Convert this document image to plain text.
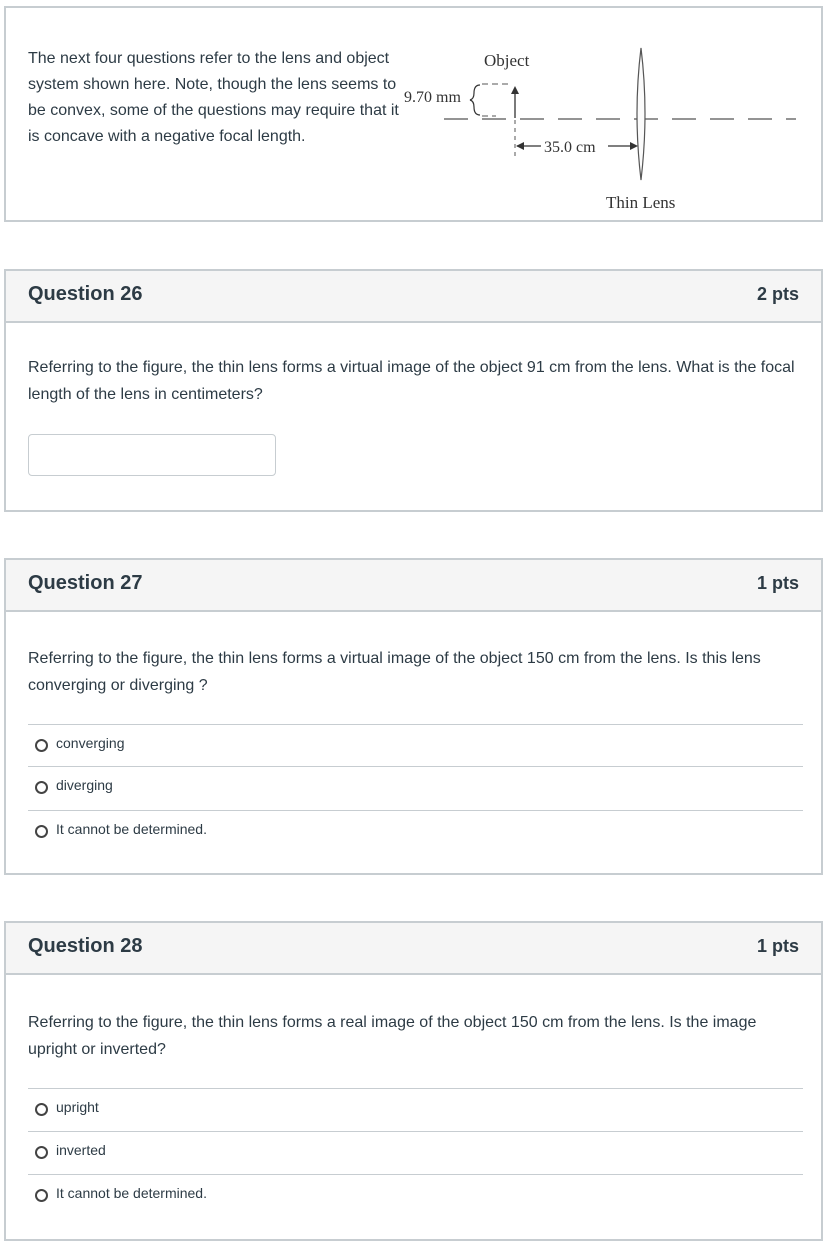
The next four questions refer to the lens and object system shown here. Note, though the lens seems to be convex, some of the questions may require that it is concave with a negative focal length.
Object
9.70 mm
35.0 cm
Thin Lens
Question 26	2 pts
Referring to the figure, the thin lens forms a virtual image of the object 91 cm from the lens. What is the focal length of the lens in centimeters?
Question 27	1 pts
Referring to the figure, the thin lens forms a virtual image of the object 150 cm from the lens. Is this lens converging or diverging ?
converging
diverging
It cannot be determined.
Question 28	1 pts
Referring to the figure, the thin lens forms a real image of the object 150 cm from the lens. Is the image upright or inverted?
upright
inverted
It cannot be determined.
